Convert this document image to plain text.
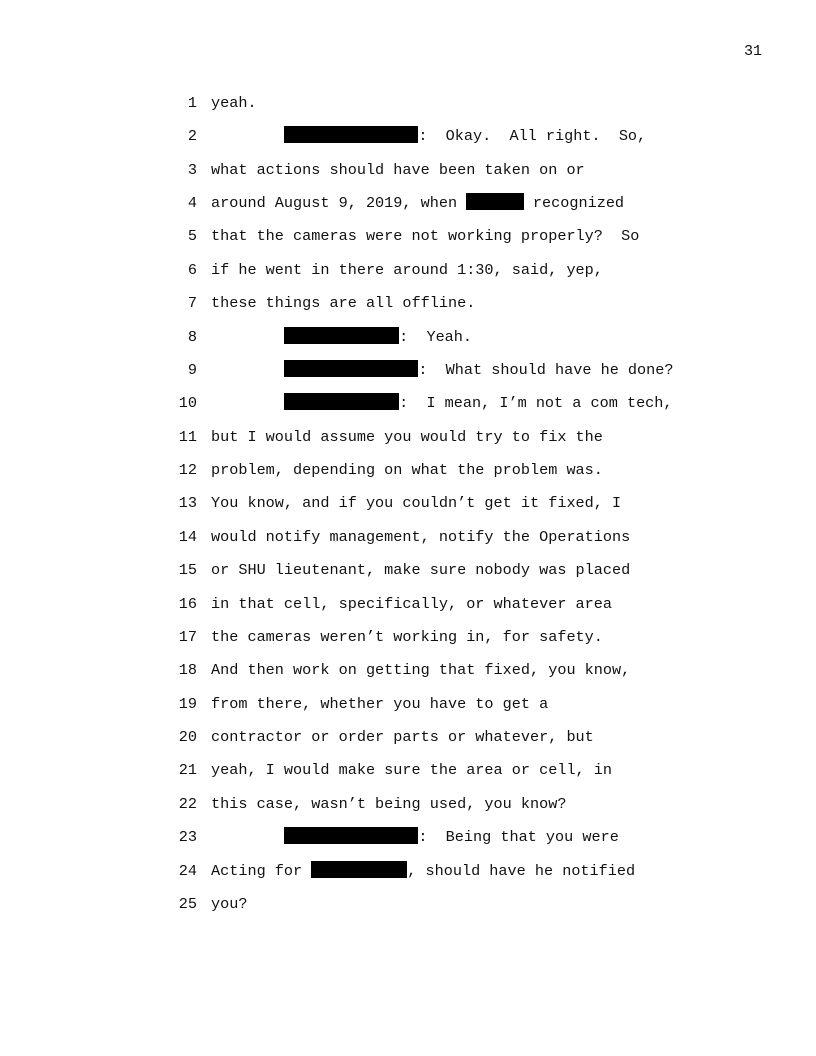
31
1 yeah.
2	:  Okay.  All right.  So,
3 what actions should have been taken on or
4 around August 9, 2019, when	recognized
5 that the cameras were not working properly?  So
6 if he went in there around 1:30, said, yep,
7 these things are all offline.
8	:  Yeah.
9	:  What should have he done?
10	:  I mean, I’m not a com tech,
11 but I would assume you would try to fix the
12 problem, depending on what the problem was.
13 You know, and if you couldn’t get it fixed, I
14 would notify management, notify the Operations
15 or SHU lieutenant, make sure nobody was placed
16 in that cell, specifically, or whatever area
17 the cameras weren’t working in, for safety.
18 And then work on getting that fixed, you know,
19 from there, whether you have to get a
20 contractor or order parts or whatever, but
21 yeah, I would make sure the area or cell, in
22 this case, wasn’t being used, you know?
23	:  Being that you were
24 Acting for	, should have he notified
25 you?
